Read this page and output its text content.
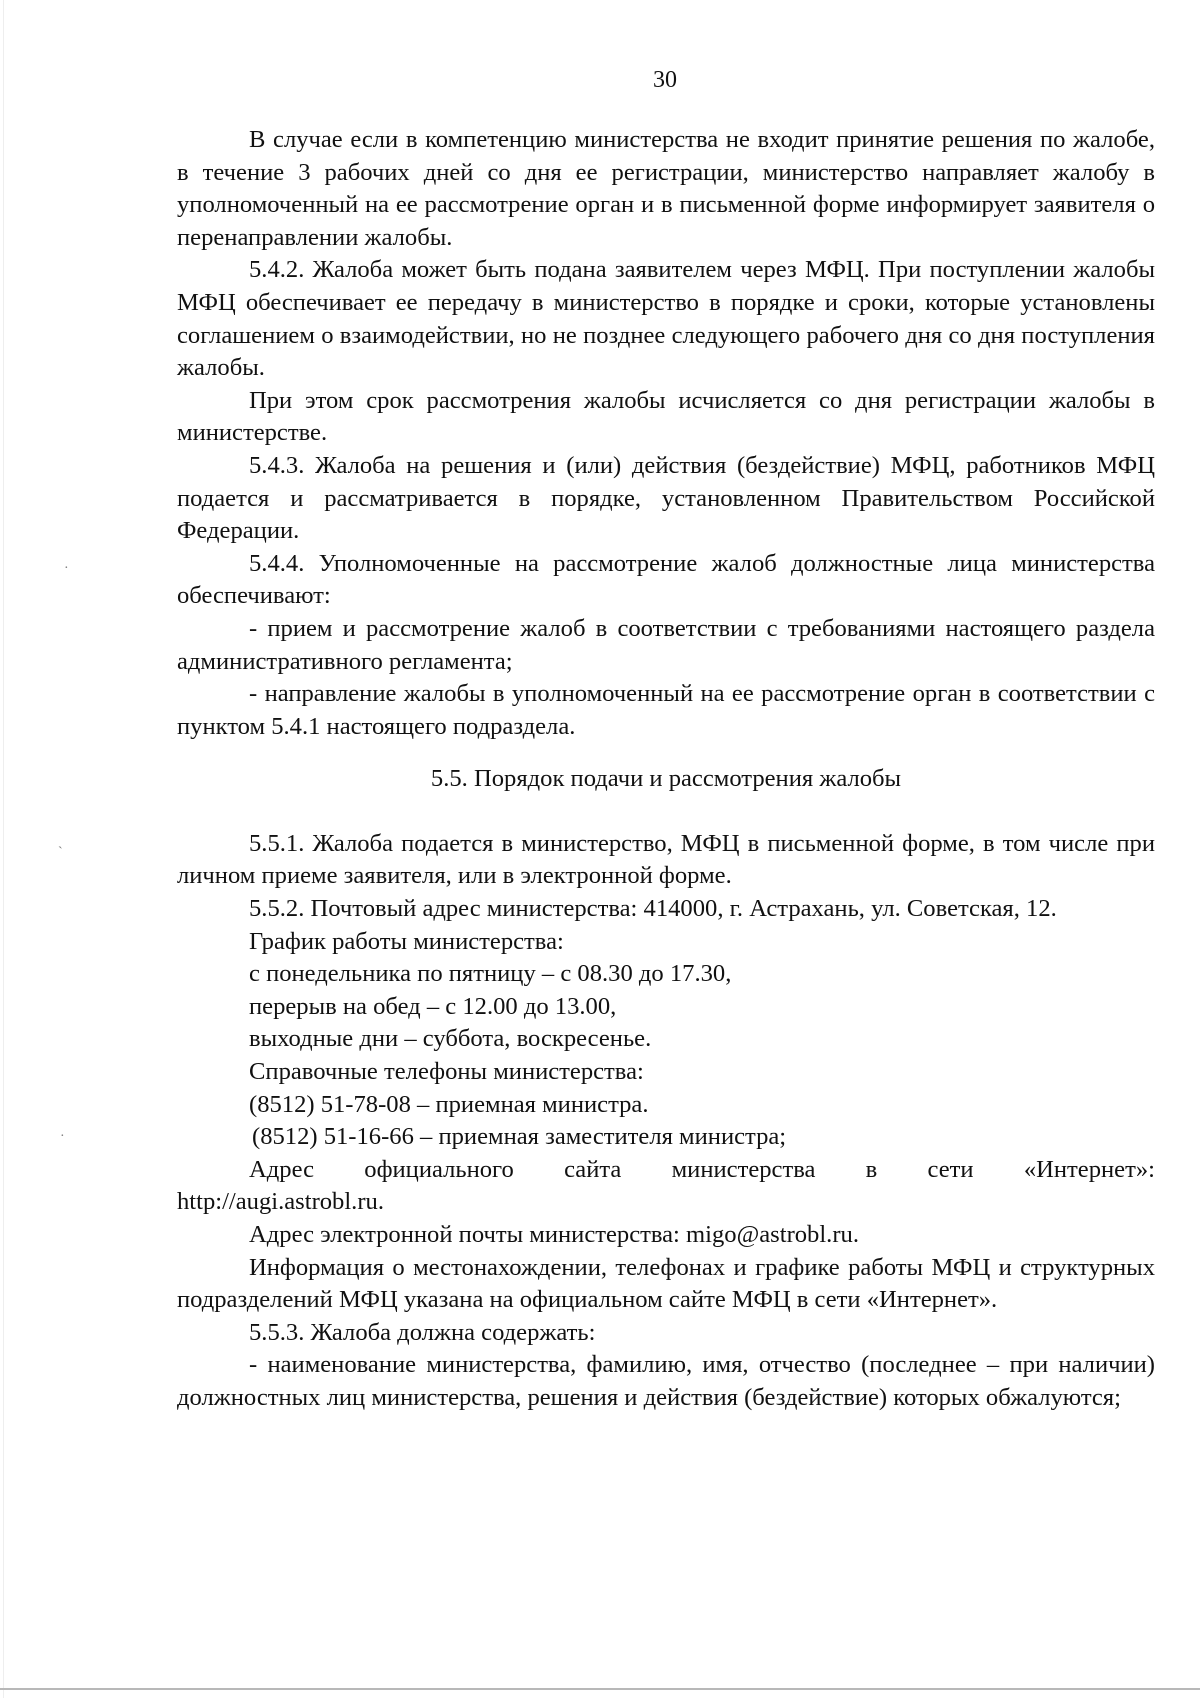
30
·
`
·

В случае если в компетенцию министерства не входит принятие решения по жалобе, в течение 3 рабочих дней со дня ее регистрации, министерство направляет жалобу в уполномоченный на ее рассмотрение орган и в письменной форме информирует заявителя о перенаправлении жалобы.

5.4.2. Жалоба может быть подана заявителем через МФЦ. При поступлении жалобы МФЦ обеспечивает ее передачу в министерство в порядке и сроки, которые установлены соглашением о взаимодействии, но не позднее следующего рабочего дня со дня поступления жалобы.

При этом срок рассмотрения жалобы исчисляется со дня регистрации жалобы в министерстве.

5.4.3. Жалоба на решения и (или) действия (бездействие) МФЦ, работников МФЦ подается и рассматривается в порядке, установленном Правительством Российской Федерации.

5.4.4. Уполномоченные на рассмотрение жалоб должностные лица министерства обеспечивают:

- прием и рассмотрение жалоб в соответствии с требованиями настоящего раздела административного регламента;

- направление жалобы в уполномоченный на ее рассмотрение орган в соответствии с пунктом 5.4.1 настоящего подраздела.

5.5. Порядок подачи и рассмотрения жалобы

5.5.1. Жалоба подается в министерство, МФЦ в письменной форме, в том числе при личном приеме заявителя, или в электронной форме.

5.5.2. Почтовый адрес министерства: 414000, г. Астрахань, ул. Советская, 12.

График работы министерства:

с понедельника по пятницу – с 08.30 до 17.30,

перерыв на обед – с 12.00 до 13.00,

выходные дни – суббота, воскресенье.

Справочные телефоны министерства:

(8512) 51-78-08 – приемная министра.

(8512) 51-16-66 – приемная заместителя министра;

Адрес официального сайта министерства в сети «Интернет»:

http://augi.astrobl.ru.

Адрес электронной почты министерства: migo@astrobl.ru.

Информация о местонахождении, телефонах и графике работы МФЦ и структурных подразделений МФЦ указана на официальном сайте МФЦ в сети «Интернет».

5.5.3. Жалоба должна содержать:

- наименование министерства, фамилию, имя, отчество (последнее – при наличии) должностных лиц министерства, решения и действия (бездействие) которых обжалуются;
